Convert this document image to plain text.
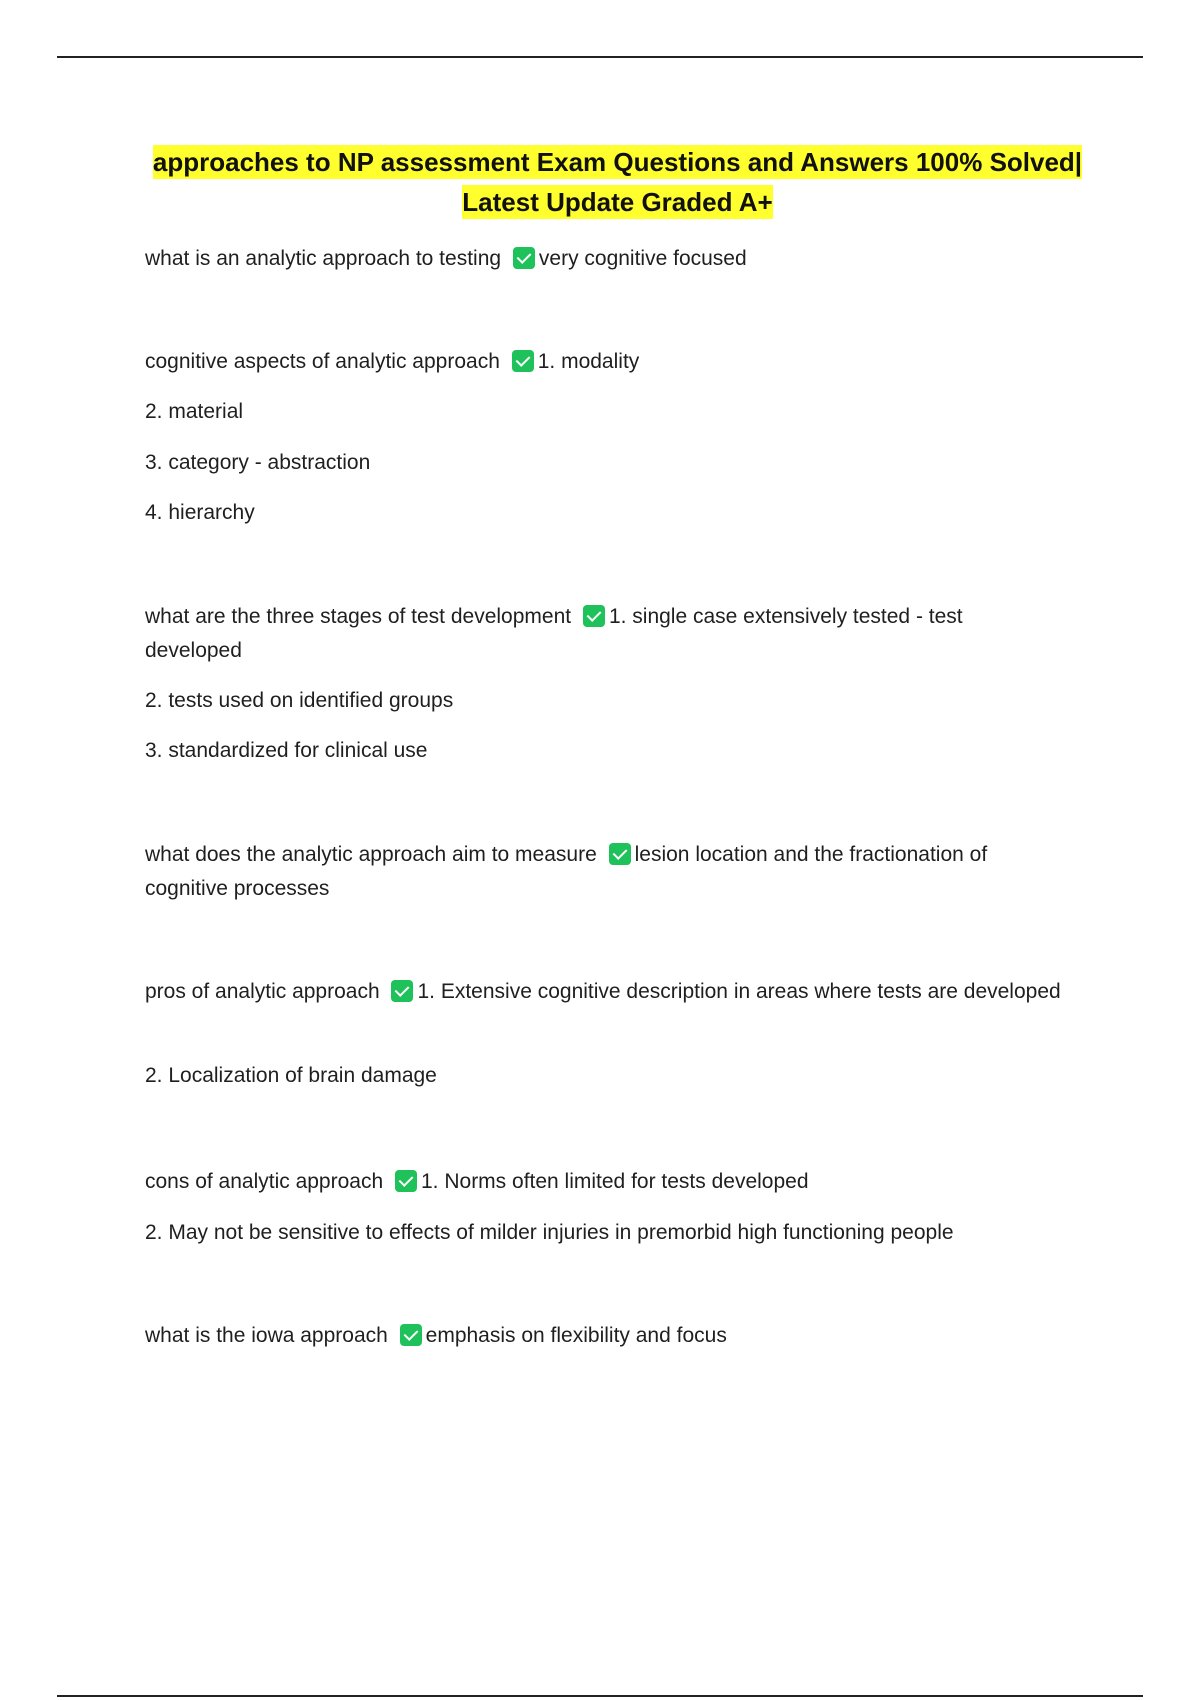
approaches to NP assessment Exam Questions and Answers 100% Solved|
Latest Update Graded A+
what is an analytic approach to testing very cognitive focused
cognitive aspects of analytic approach 1. modality
2. material
3. category - abstraction
4. hierarchy
what are the three stages of test development 1. single case extensively tested - test developed
2. tests used on identified groups
3. standardized for clinical use
what does the analytic approach aim to measure lesion location and the fractionation of cognitive processes
pros of analytic approach 1. Extensive cognitive description in areas where tests are developed
2. Localization of brain damage
cons of analytic approach 1. Norms often limited for tests developed
2. May not be sensitive to effects of milder injuries in premorbid high functioning people
what is the iowa approach emphasis on flexibility and focus
